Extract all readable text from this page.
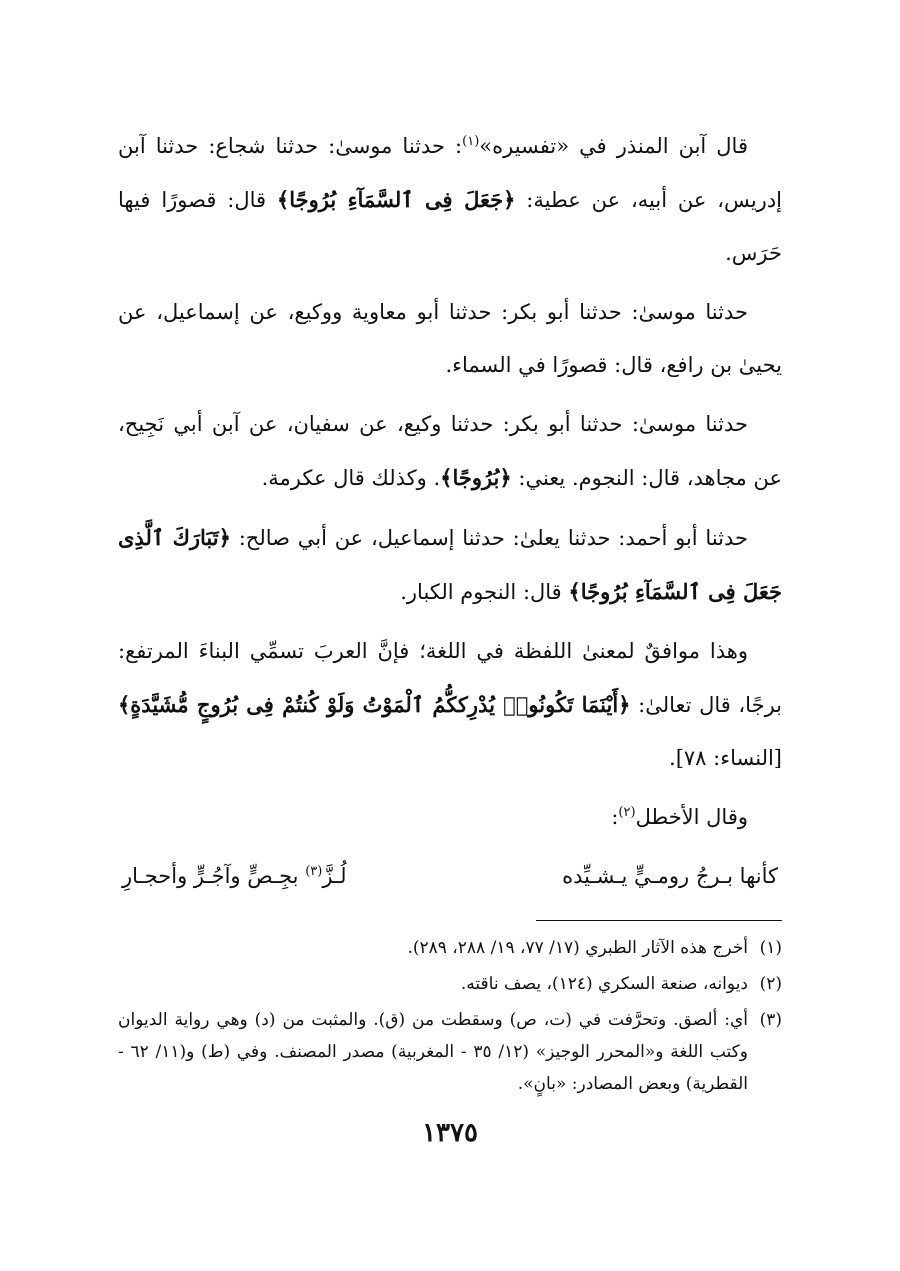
قال آبن المنذر في «تفسيره»$^{(١)}$: حدثنا موسىٰ: حدثنا شجاع: حدثنا آبن إدريس، عن أبيه، عن عطية: ﴿جَعَلَ فِى ٱلسَّمَآءِ بُرُوجًا﴾ قال: قصورًا فيها حَرَس.

حدثنا موسىٰ: حدثنا أبو بكر: حدثنا أبو معاوية ووكيع، عن إسماعيل، عن يحيىٰ بن رافع، قال: قصورًا في السماء.

حدثنا موسىٰ: حدثنا أبو بكر: حدثنا وكيع، عن سفيان، عن آبن أبي نَجِيح، عن مجاهد، قال: النجوم. يعني: ﴿بُرُوجًا﴾. وكذلك قال عكرمة.

حدثنا أبو أحمد: حدثنا يعلىٰ: حدثنا إسماعيل، عن أبي صالح: ﴿تَبَارَكَ ٱلَّذِى جَعَلَ فِى ٱلسَّمَآءِ بُرُوجًا﴾ قال: النجوم الكبار.

وهذا موافقٌ لمعنىٰ اللفظة في اللغة؛ فإنَّ العربَ تسمِّي البناءَ المرتفع: برجًا، قال تعالىٰ: ﴿أَيْنَمَا تَكُونُوا۟ يُدْرِككُّمُ ٱلْمَوْتُ وَلَوْ كُنتُمْ فِى بُرُوجٍ مُّشَيَّدَةٍ﴾ [النساء: ٧٨].

وقال الأخطل$^{(٢)}$:

كأنها بـرجُ رومـيٍّ يـشـيِّده
لُـزَّ$^{(٣)}$ بجِـصٍّ وآجُـرٍّ وأحجـارِ
(١)
أخرج هذه الآثار الطبري (١٧/ ٧٧، ١٩/ ٢٨٨، ٢٨٩).
(٢)
ديوانه، صنعة السكري (١٢٤)، يصف ناقته.
(٣)
أي: ألصق. وتحرَّفت في (ت، ص) وسقطت من (ق). والمثبت من (د) وهي رواية الديوان وكتب اللغة و«المحرر الوجيز» (١٢/ ٣٥ - المغربية) مصدر المصنف. وفي (ط) و(١١/ ٦٢ - القطرية) وبعض المصادر: «بانٍ».
١٣٧٥
